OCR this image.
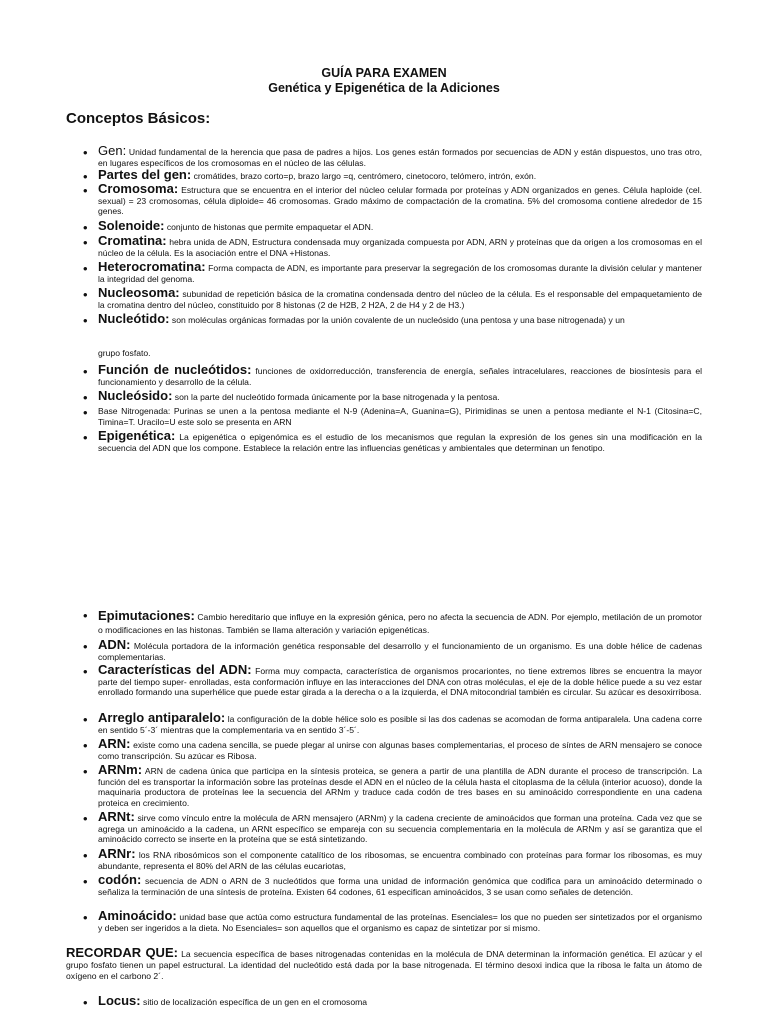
GUÍA PARA EXAMEN
Genética y Epigenética de la Adiciones
Conceptos Básicos:
• Gen: Unidad fundamental de la herencia que pasa de padres a hijos. Los genes están formados por secuencias de ADN y están dispuestos, uno tras otro, en lugares específicos de los cromosomas en el núcleo de las células.
• Partes del gen: cromátides, brazo corto=p, brazo largo =q, centrómero, cinetocoro, telómero, intrón, exón.
• Cromosoma: Estructura que se encuentra en el interior del núcleo celular formada por proteínas y ADN organizados en genes. Célula haploide (cel. sexual) = 23 cromosomas, célula diploide= 46 cromosomas. Grado máximo de compactación de la cromatina. 5% del cromosoma contiene alrededor de 15 genes.
• Solenoide: conjunto de histonas que permite empaquetar el ADN.
• Cromatina: hebra unida de ADN, Estructura condensada muy organizada compuesta por ADN, ARN y proteínas que da origen a los cromosomas en el núcleo de la célula. Es la asociación entre el DNA +Histonas.
• Heterocromatina: Forma compacta de ADN, es importante para preservar la segregación de los cromosomas durante la división celular y mantener la integridad del genoma.
• Nucleosoma: subunidad de repetición básica de la cromatina condensada dentro del núcleo de la célula. Es el responsable del empaquetamiento de la cromatina dentro del núcleo, constituido por 8 histonas (2 de H2B, 2 H2A, 2 de H4 y 2 de H3.)
• Nucleótido: son moléculas orgánicas formadas por la unión covalente de un nucleósido (una pentosa y una base nitrogenada) y un
grupo fosfato.
• Función de nucleótidos: funciones de oxidorreducción, transferencia de energía, señales intracelulares, reacciones de biosíntesis para el funcionamiento y desarrollo de la célula.
• Nucleósido: son la parte del nucleótido formada únicamente por la base nitrogenada y la pentosa.
• Base Nitrogenada: Purinas se unen a la pentosa mediante el N-9 (Adenina=A, Guanina=G), Pirimidinas se unen a pentosa mediante el N-1 (Citosina=C, Timina=T. Uracilo=U este solo se presenta en ARN
• Epigenética: La epigenética o epigenómica es el estudio de los mecanismos que regulan la expresión de los genes sin una modificación en la secuencia del ADN que los compone. Establece la relación entre las influencias genéticas y ambientales que determinan un fenotipo.
• Epimutaciones: Cambio hereditario que influye en la expresión génica, pero no afecta la secuencia de ADN. Por ejemplo, metilación de un promotor o modificaciones en las histonas. También se llama alteración y variación epigenéticas.
• ADN: Molécula portadora de la información genética responsable del desarrollo y el funcionamiento de un organismo. Es una doble hélice de cadenas complementarias.
• Características del ADN: Forma muy compacta, característica de organismos procariontes, no tiene extremos libres se encuentra la mayor parte del tiempo super- enrolladas, esta conformación influye en las interacciones del DNA con otras moléculas, el eje de la doble hélice puede a su vez estar enrollado formando una superhélice que puede estar girada a la derecha o a la izquierda, el DNA mitocondrial también es circular. Su azúcar es desoxirribosa.
• Arreglo antiparalelo: la configuración de la doble hélice solo es posible si las dos cadenas se acomodan de forma antiparalela. Una cadena corre en sentido 5´-3´ mientras que la complementaria va en sentido 3´-5´.
• ARN: existe como una cadena sencilla, se puede plegar al unirse con algunas bases complementarias, el proceso de síntes de ARN mensajero se conoce como transcripción. Su azúcar es Ribosa.
• ARNm: ARN de cadena única que participa en la síntesis proteica, se genera a partir de una plantilla de ADN durante el proceso de transcripción. La función del es transportar la información sobre las proteínas desde el ADN en el núcleo de la célula hasta el citoplasma de la célula (interior acuoso), donde la maquinaria productora de proteínas lee la secuencia del ARNm y traduce cada codón de tres bases en su aminoácido correspondiente en una cadena proteica en crecimiento.
• ARNt: sirve como vínculo entre la molécula de ARN mensajero (ARNm) y la cadena creciente de aminoácidos que forman una proteína. Cada vez que se agrega un aminoácido a la cadena, un ARNt específico se empareja con su secuencia complementaria en la molécula de ARNm y así se garantiza que el aminoácido correcto se inserte en la proteína que se está sintetizando.
• ARNr: los RNA ribosómicos son el componente catalítico de los ribosomas, se encuentra combinado con proteínas para formar los ribosomas, es muy abundante, representa el 80% del ARN de las células eucariotas,
• codón: secuencia de ADN o ARN de 3 nucleótidos que forma una unidad de información genómica que codifica para un aminoácido determinado o señaliza la terminación de una síntesis de proteína. Existen 64 codones, 61 especifican aminoácidos, 3 se usan como señales de detención.
• Aminoácido: unidad base que actúa como estructura fundamental de las proteínas. Esenciales= los que no pueden ser sintetizados por el organismo y deben ser ingeridos a la dieta. No Esenciales= son aquellos que el organismo es capaz de sintetizar por si mismo.
RECORDAR QUE: La secuencia específica de bases nitrogenadas contenidas en la molécula de DNA determinan la información genética. El azúcar y el grupo fosfato tienen un papel estructural. La identidad del nucleótido está dada por la base nitrogenada. El término desoxi indica que la ribosa le falta un átomo de oxígeno en el carbono 2´.
• Locus: sitio de localización específica de un gen en el cromosoma
